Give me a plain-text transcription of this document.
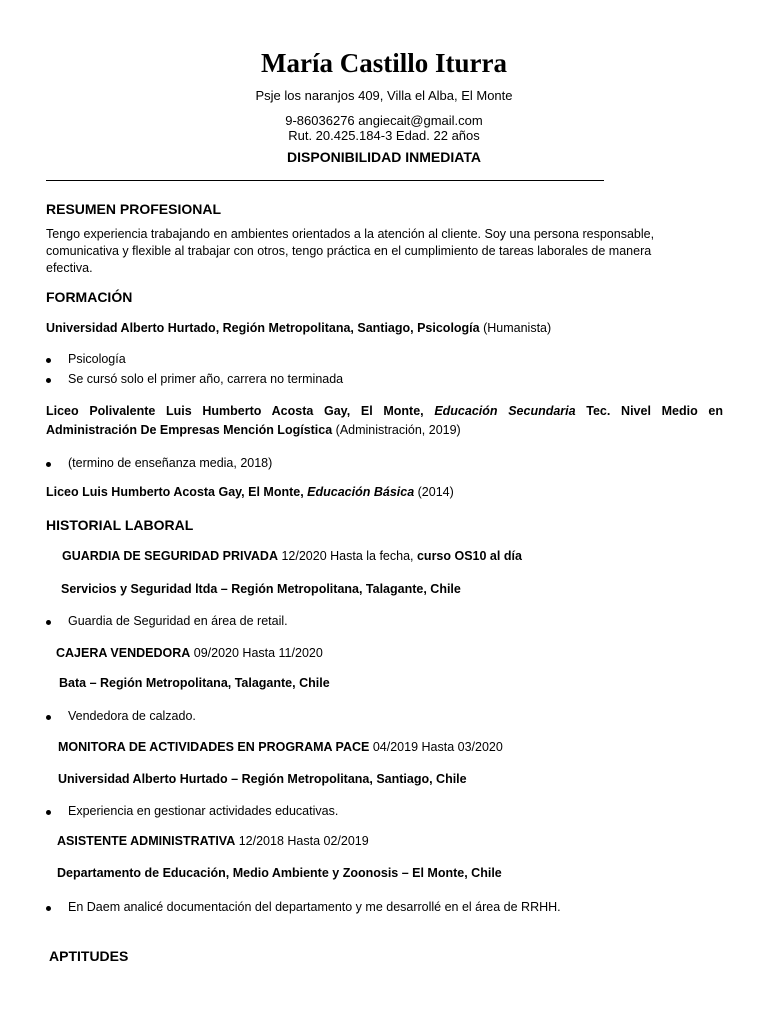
María Castillo Iturra
Psje los naranjos 409, Villa el Alba, El Monte
9-86036276 angiecait@gmail.com
Rut. 20.425.184-3 Edad. 22 años
DISPONIBILIDAD INMEDIATA
RESUMEN PROFESIONAL
Tengo experiencia trabajando en ambientes orientados a la atención al cliente. Soy una persona responsable,
comunicativa y flexible al trabajar con otros, tengo práctica en el cumplimiento de tareas laborales de manera
efectiva.
FORMACIÓN
Universidad Alberto Hurtado, Región Metropolitana, Santiago, Psicología (Humanista)
Psicología
Se cursó solo el primer año, carrera no terminada
Liceo Polivalente Luis Humberto Acosta Gay, El Monte, Educación Secundaria Tec. Nivel Medio en
Administración De Empresas Mención Logística (Administración, 2019)
(termino de enseñanza media, 2018)
Liceo Luis Humberto Acosta Gay, El Monte, Educación Básica (2014)
HISTORIAL LABORAL
GUARDIA DE SEGURIDAD PRIVADA 12/2020 Hasta la fecha, curso OS10 al día
Servicios y Seguridad ltda – Región Metropolitana, Talagante, Chile
Guardia de Seguridad en área de retail.
CAJERA VENDEDORA 09/2020 Hasta 11/2020
Bata – Región Metropolitana, Talagante, Chile
Vendedora de calzado.
MONITORA DE ACTIVIDADES EN PROGRAMA PACE 04/2019 Hasta 03/2020
Universidad Alberto Hurtado – Región Metropolitana, Santiago, Chile
Experiencia en gestionar actividades educativas.
ASISTENTE ADMINISTRATIVA 12/2018 Hasta 02/2019
Departamento de Educación, Medio Ambiente y Zoonosis – El Monte, Chile
En Daem analicé documentación del departamento y me desarrollé en el área de RRHH.
APTITUDES
